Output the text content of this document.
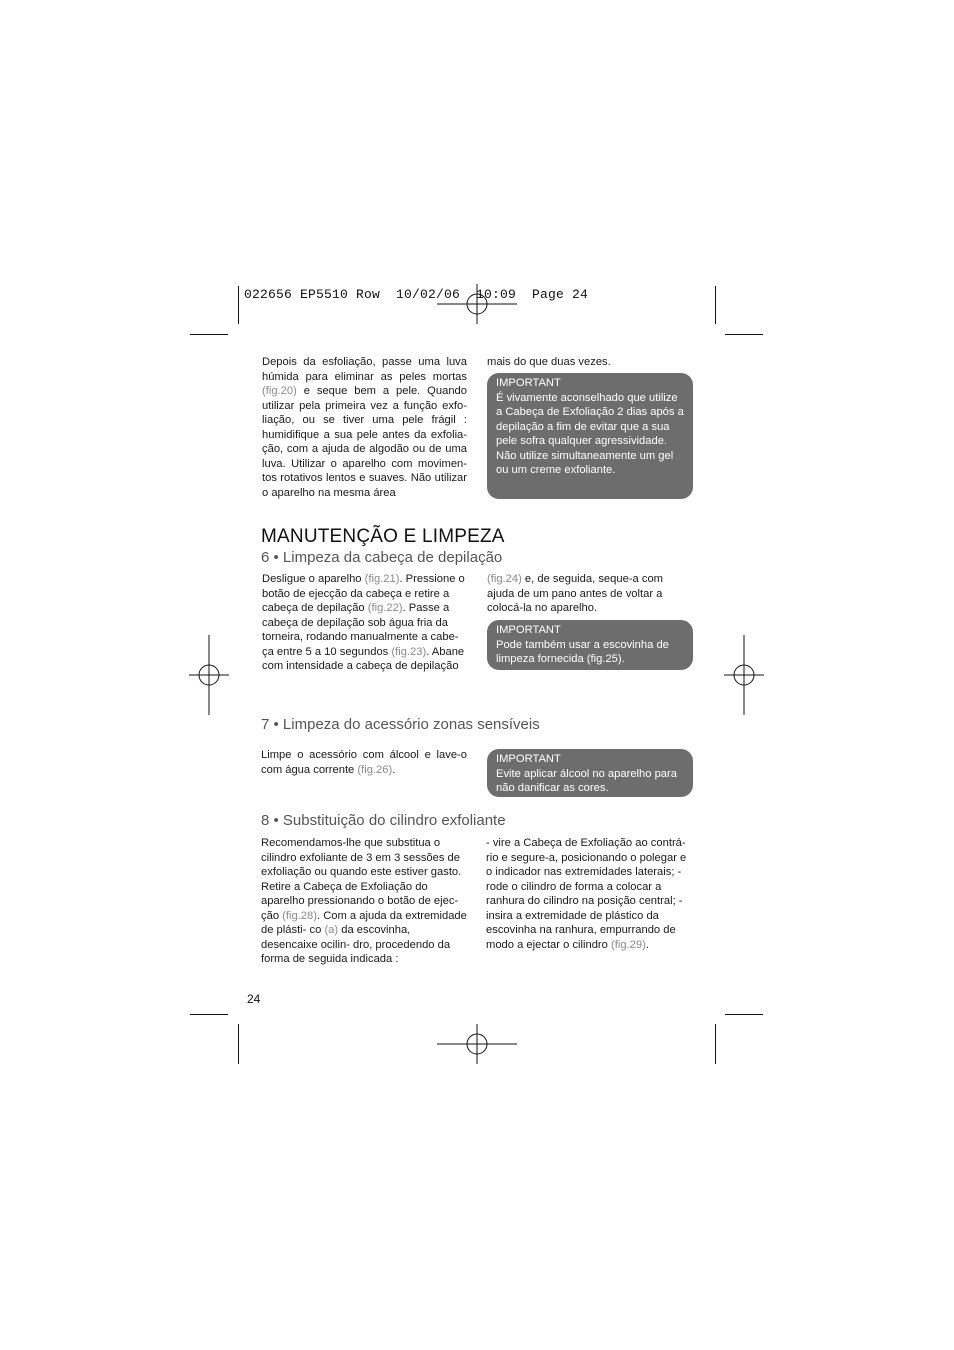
022656 EP5510 Row  10/02/06  10:09  Page 24

Depois da esfoliação, passe uma luva húmida para eliminar as peles mortas (fig.20) e seque bem a pele. Quando utilizar pela primeira vez a função exfo- liação, ou se tiver uma pele frágil : humidifique a sua pele antes da exfolia- ção, com a ajuda de algodão ou de uma luva. Utilizar o aparelho com movimen- tos rotativos lentos e suaves. Não utilizar o aparelho na mesma área

mais do que duas vezes.
IMPORTANT
É vivamente aconselhado que utilize a Cabeça de Exfoliação 2 dias após a depilação a fim de evitar que a sua pele sofra qualquer agressividade. Não utilize simultaneamente um gel ou um creme exfoliante.
MANUTENÇÃO E LIMPEZA
6 • Limpeza da cabeça de depilação
Desligue o aparelho (fig.21). Pressione o botão de ejecção da cabeça e retire a cabeça de depilação (fig.22). Passe a cabeça de depilação sob água fria da torneira, rodando manualmente a cabe- ça entre 5 a 10 segundos (fig.23). Abane com intensidade a cabeça de depilação
(fig.24) e, de seguida, seque-a com ajuda de um pano antes de voltar a colocá-la no aparelho.
IMPORTANT
Pode também usar a escovinha de limpeza fornecida (fig.25).
7 • Limpeza do acessório zonas sensíveis

Limpe o acessório com álcool e lave-o com água corrente (fig.26).

IMPORTANT
Evite aplicar álcool no aparelho para não danificar as cores.
8 • Substituição do cilindro exfoliante
Recomendamos-lhe que substitua o cilindro exfoliante de 3 em 3 sessões de exfoliação ou quando este estiver gasto. Retire a Cabeça de Exfoliação do aparelho pressionando o botão de ejec- ção (fig.28). Com a ajuda da extremidade de plásti- co (a) da escovinha, desencaixe ocilin- dro, procedendo da forma de seguida indicada :
- vire a Cabeça de Exfoliação ao contrá- rio e segure-a, posicionando o polegar e o indicador nas extremidades laterais; - rode o cilindro de forma a colocar a ranhura do cilindro na posição central; - insira a extremidade de plástico da escovinha na ranhura, empurrando de modo a ejectar o cilindro (fig.29).
24
